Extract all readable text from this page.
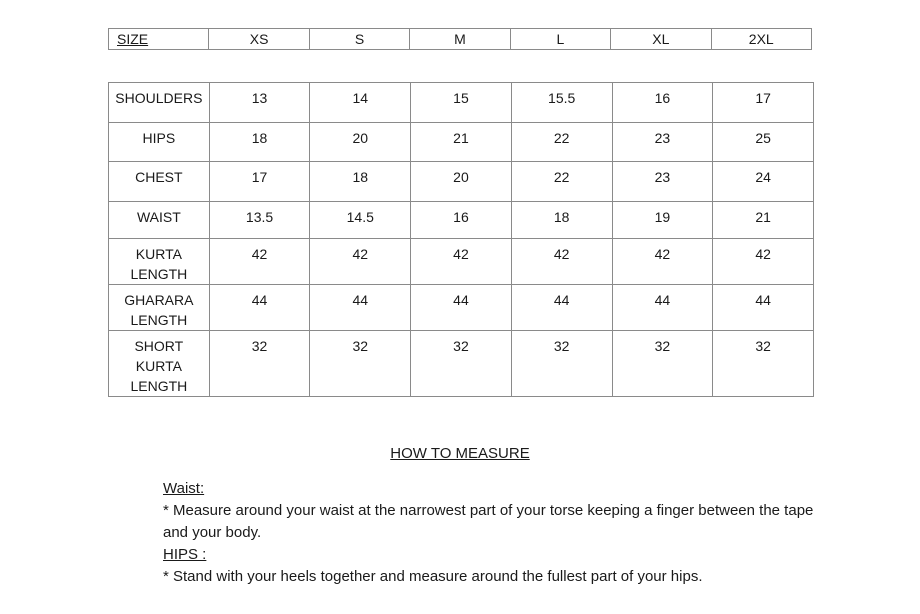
SIZE	XS	S	M	L	XL	2XL
SHOULDERS	13	14	15	15.5	16	17
HIPS	18	20	21	22	23	25
CHEST	17	18	20	22	23	24
WAIST	13.5	14.5	16	18	19	21
KURTA
LENGTH	42	42	42	42	42	42
GHARARA
LENGTH	44	44	44	44	44	44
SHORT
KURTA
LENGTH	32	32	32	32	32	32
HOW TO MEASURE

Waist:

* Measure around your waist at the narrowest part of your torse keeping a finger between the tape and your body.

HIPS :

* Stand with your heels together and measure around the fullest part of your hips.
